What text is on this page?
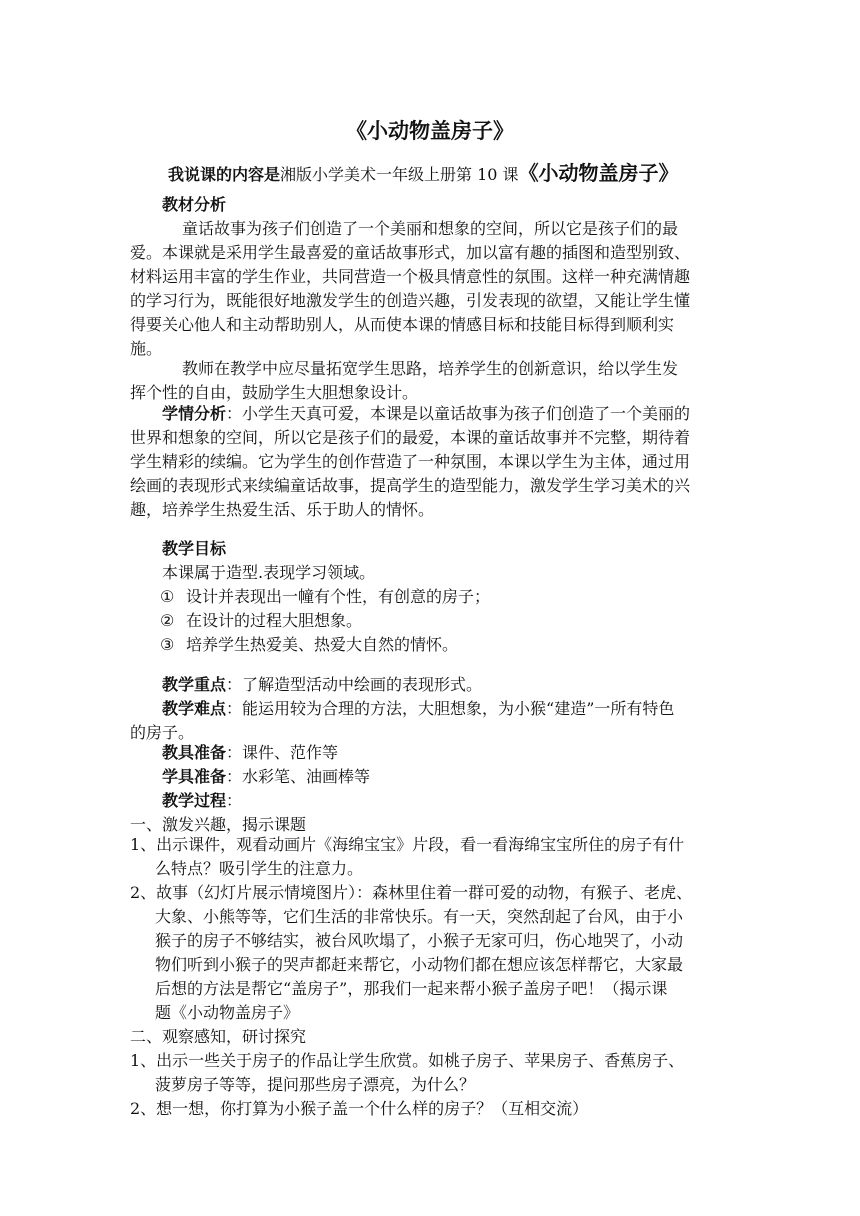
《小动物盖房子》
我说课的内容是湘版小学美术一年级上册第 10 课《小动物盖房子》
教材分析
童话故事为孩子们创造了一个美丽和想象的空间，所以它是孩子们的最
爱。本课就是采用学生最喜爱的童话故事形式，加以富有趣的插图和造型别致、
材料运用丰富的学生作业，共同营造一个极具情意性的氛围。这样一种充满情趣
的学习行为，既能很好地激发学生的创造兴趣，引发表现的欲望，又能让学生懂
得要关心他人和主动帮助别人，从而使本课的情感目标和技能目标得到顺利实
施。
教师在教学中应尽量拓宽学生思路，培养学生的创新意识，给以学生发
挥个性的自由，鼓励学生大胆想象设计。
学情分析：小学生天真可爱，本课是以童话故事为孩子们创造了一个美丽的
世界和想象的空间，所以它是孩子们的最爱，本课的童话故事并不完整，期待着
学生精彩的续编。它为学生的创作营造了一种氛围，本课以学生为主体，通过用
绘画的表现形式来续编童话故事，提高学生的造型能力，激发学生学习美术的兴
趣，培养学生热爱生活、乐于助人的情怀。
教学目标
本课属于造型.表现学习领域。
① 设计并表现出一幢有个性，有创意的房子；
② 在设计的过程大胆想象。
③ 培养学生热爱美、热爱大自然的情怀。
教学重点：了解造型活动中绘画的表现形式。
教学难点：能运用较为合理的方法，大胆想象，为小猴“建造”一所有特色
的房子。
教具准备：课件、范作等
学具准备：水彩笔、油画棒等
教学过程：
一、激发兴趣，揭示课题
1、出示课件，观看动画片《海绵宝宝》片段，看一看海绵宝宝所住的房子有什
么特点？吸引学生的注意力。
2、故事（幻灯片展示情境图片）：森林里住着一群可爱的动物，有猴子、老虎、
大象、小熊等等，它们生活的非常快乐。有一天，突然刮起了台风，由于小
猴子的房子不够结实，被台风吹塌了，小猴子无家可归，伤心地哭了，小动
物们听到小猴子的哭声都赶来帮它，小动物们都在想应该怎样帮它，大家最
后想的方法是帮它“盖房子”，那我们一起来帮小猴子盖房子吧！（揭示课
题《小动物盖房子》
二、观察感知，研讨探究
1、出示一些关于房子的作品让学生欣赏。如桃子房子、苹果房子、香蕉房子、
菠萝房子等等，提问那些房子漂亮，为什么？
2、想一想，你打算为小猴子盖一个什么样的房子？（互相交流）
